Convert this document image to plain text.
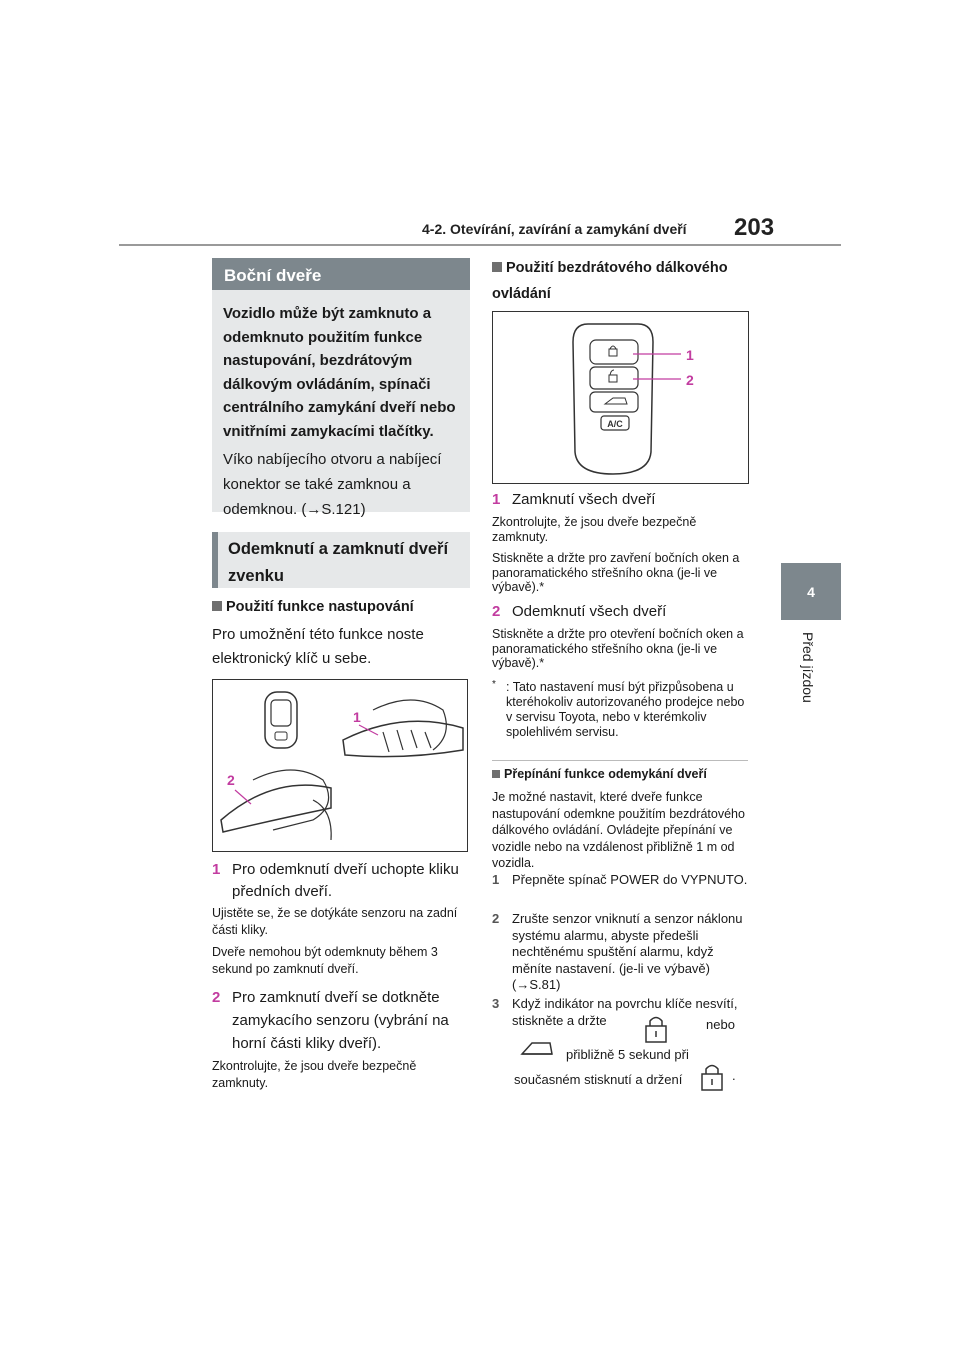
4-2. Otevírání, zavírání a zamykání dveří 203
4
Před jízdou
Boční dveře
Vozidlo může být zamknuto a odemknuto použitím funkce nastupování, bezdrátovým dálkovým ovládáním, spínači centrálního zamykání dveří nebo vnitřními zamykacími tlačítky.
Víko nabíjecího otvoru a nabíjecí konektor se také zamknou a odemknou. (→S.121)
Odemknutí a zamknutí dveří zvenku
Použití funkce nastupování
Pro umožnění této funkce noste elektronický klíč u sebe.
1
2
1 Pro odemknutí dveří uchopte kliku předních dveří.
Ujistěte se, že se dotýkáte senzoru na zadní části kliky.
Dveře nemohou být odemknuty během 3 sekund po zamknutí dveří.
2 Pro zamknutí dveří se dotkněte zamykacího senzoru (vybrání na horní části kliky dveří).
Zkontrolujte, že jsou dveře bezpečně zamknuty.
Použití bezdrátového dálkového ovládání
A/C
1
2
1 Zamknutí všech dveří
Zkontrolujte, že jsou dveře bezpečně zamknuty.
Stiskněte a držte pro zavření bočních oken a panoramatického střešního okna (je-li ve výbavě).*
2 Odemknutí všech dveří
Stiskněte a držte pro otevření bočních oken a panoramatického střešního okna (je-li ve výbavě).*
* : Tato nastavení musí být přizpůsobena u kteréhokoliv autorizovaného prodejce nebo v servisu Toyota, nebo v kterémkoliv spolehlivém servisu.
Přepínání funkce odemykání dveří
Je možné nastavit, které dveře funkce nastupování odemkne použitím bezdrátového dálkového ovládání. Ovládejte přepínání ve vozidle nebo na vzdálenost přibližně 1 m od vozidla.
1 Přepněte spínač POWER do VYPNUTO.
2 Zrušte senzor vniknutí a senzor náklonu systému alarmu, abyste předešli nechtěnému spuštění alarmu, když měníte nastavení. (je-li ve výbavě) (→S.81)
3 Když indikátor na povrchu klíče nesvítí, stiskněte a držte	nebo
přibližně 5 sekund při současném stisknutí a držení	.
